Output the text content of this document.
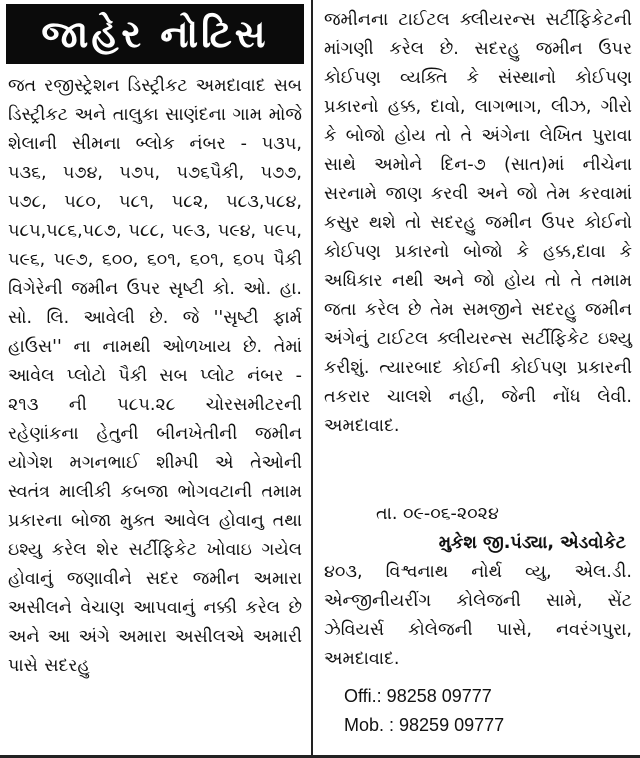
જાહેર નોટિસ
જત રજીસ્ટ્રેશન ડિસ્ટ્રીકટ અમદાવાદ સબ ડિસ્ટ્રીકટ અને તાલુકા સાણંદના ગામ મોજે શેલાની સીમના બ્લોક નંબર - ૫૩૫, ૫૩૬, ૫૭૪, ૫૭૫, ૫૭૬પૈકી, ૫૭૭, ૫૭૮, ૫૮૦, ૫૮૧, ૫૮૨, ૫૮૩,૫૮૪, ૫૮૫,૫૮૬,૫૮૭, ૫૮૮, ૫૯૩, ૫૯૪, ૫૯૫, ૫૯૬, ૫૯૭, ૬૦૦, ૬૦૧, ૬૦૧, ૬૦૫ પૈકી વિગેરેની જમીન ઉપર સૃષ્ટી કો. ઓ. હા. સો. લિ. આવેલી છે. જે ''સૃષ્ટી ફાર્મ હાઉસ'' ના નામથી ઓળખાય છે. તેમાં આવેલ પ્લોટો પૈકી સબ પ્લોટ નંબર - ૨૧૩ ની ૫૮૫.૨૮ ચોરસમીટરની રહેણાંકના હેતુની બીનખેતીની જમીન યોગેશ મગનભાઈ શીમ્પી એ તેઓની સ્વતંત્ર માલીકી કબજા ભોગવટાની તમામ પ્રકારના બોજા મુક્ત આવેલ હોવાનુ તથા ઇશ્યુ કરેલ શેર સર્ટીફિકેટ ખોવાઇ ગયેલ હોવાનું જણાવીને સદર જમીન અમારા અસીલને વેચાણ આપવાનું નક્કી કરેલ છે અને આ અંગે અમારા અસીલએ અમારી પાસે સદરહુ
જમીનના ટાઈટલ ક્લીયરન્સ સર્ટીફિકેટની માંગણી કરેલ છે. સદરહુ જમીન ઉપર કોઈપણ વ્યક્તિ કે સંસ્થાનો કોઈપણ પ્રકારનો હક્ક, દાવો, લાગભાગ, લીઝ, ગીરો કે બોજો હોય તો તે અંગેના લેખિત પુરાવા સાથે અમોને દિન-૭ (સાત)માં નીચેના સરનામે જાણ કરવી અને જો તેમ કરવામાં કસુર થશે તો સદરહુ જમીન ઉપર કોઈનો કોઈપણ પ્રકારનો બોજો કે હક્ક,દાવા કે અધિકાર નથી અને જો હોય તો તે તમામ જતા કરેલ છે તેમ સમજીને સદરહુ જમીન અંગેનું ટાઈટલ ક્લીયરન્સ સર્ટીફિકેટ ઇશ્યુ કરીશું. ત્યારબાદ કોઈની કોઈપણ પ્રકારની તકરાર ચાલશે નહી, જેની નોંધ લેવી. અમદાવાદ.
તા. ૦૯-૦૬-૨૦૨૪
મુકેશ જી.પંડ્યા, એડવોકેટ
૪૦૩, વિશ્વનાથ નોર્થ વ્યુ, એલ.ડી. એન્જીનીયરીંગ કોલેજની સામે, સેંટ ઝેવિયર્સ કોલેજની પાસે, નવરંગપુરા, અમદાવાદ.
Offi.: 98258 09777
Mob. : 98259 09777
